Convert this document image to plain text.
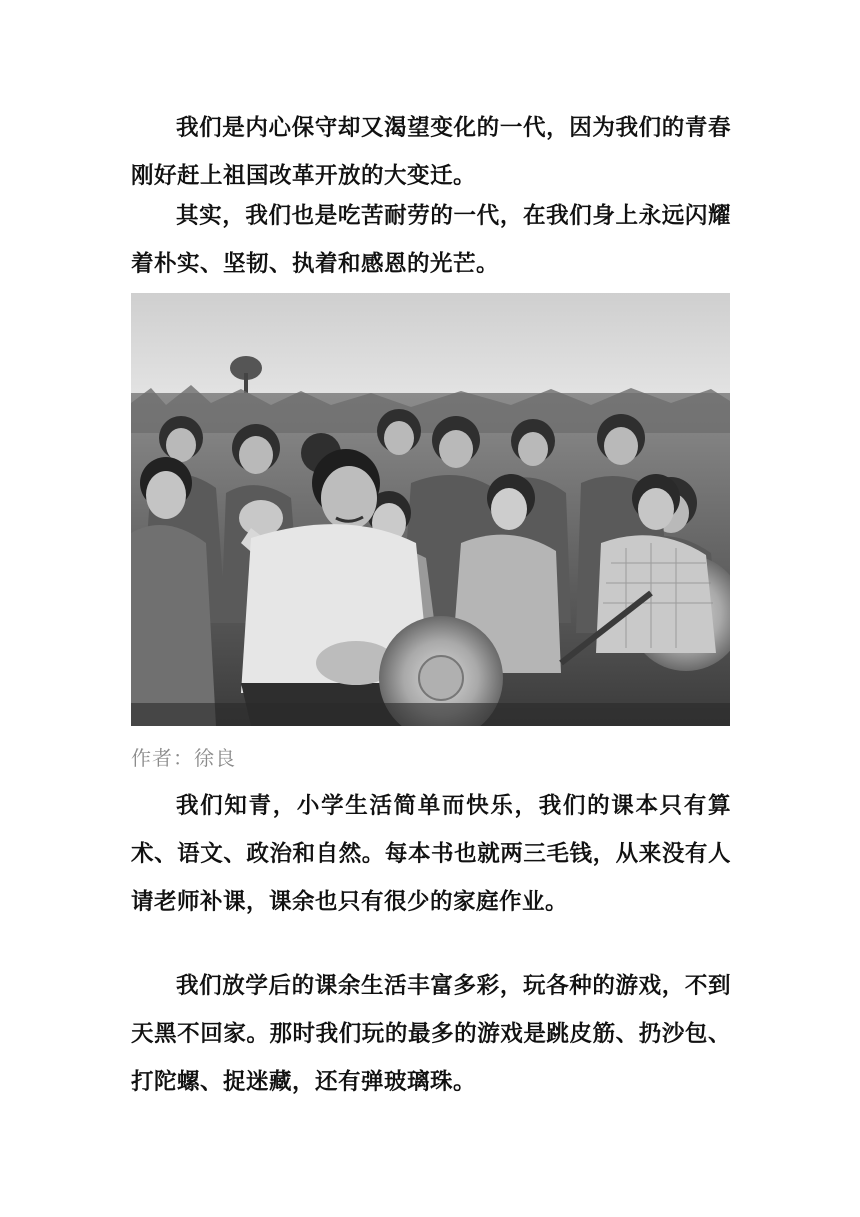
我们是内心保守却又渴望变化的一代，因为我们的青春刚好赶上祖国改革开放的大变迁。

其实，我们也是吃苦耐劳的一代，在我们身上永远闪耀着朴实、坚韧、执着和感恩的光芒。

作者：徐良

我们知青，小学生活简单而快乐，我们的课本只有算术、语文、政治和自然。每本书也就两三毛钱，从来没有人请老师补课，课余也只有很少的家庭作业。

我们放学后的课余生活丰富多彩，玩各种的游戏，不到天黑不回家。那时我们玩的最多的游戏是跳皮筋、扔沙包、打陀螺、捉迷藏，还有弹玻璃珠。
